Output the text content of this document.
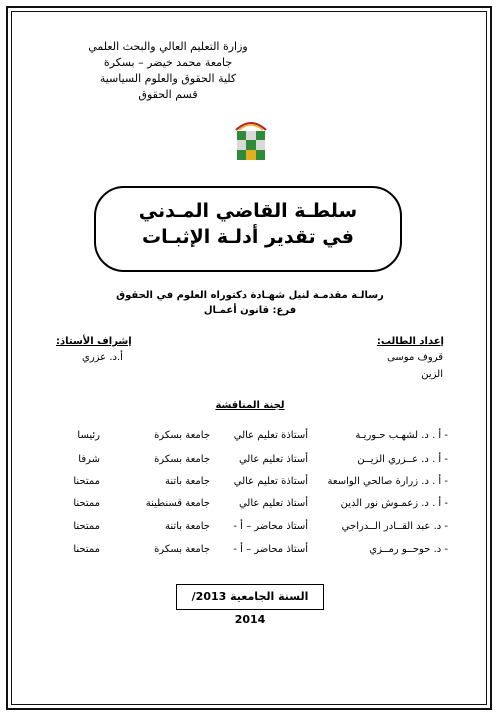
وزارة التعليم العالي والبحث العلمي
جامعة محمد خيضر – بسكرة
كلية الحقوق والعلوم السياسية
قسم الحقوق
سلطـة القاضي المـدني
في تقدير أدلـة الإثبـات
رسالـة مقدمـة لنيل شهـادة دكتوراه العلوم في الحقوق
فرع: قانون أعمـال
إعداد الطالب:
قروف موسى
الزين
إشراف الأستاذ:
أ.د. عزري
لجنة المناقشة
- أ . د. لشهـب حـوريـة
أستاذة تعليم عالي
جامعة بسكرة
رئيسا
- أ . د. عــزري الزيــن
أستاذ تعليم عالي
جامعة بسكرة
شرفا
- أ . د. زرارة صالحي الواسعة
أستاذة تعليم عالي
جامعة باتنة
ممتحنا
- أ . د. زعمـوش نور الدين
أستاذ تعليم عالي
جامعة قسنطينة
ممتحنا
- د. عبد القــادر الــدراجي
أستاذ محاضر – أ -
جامعة باتنة
ممتحنا
- د. حوحــو رمــزي
أستاذ محاضر – أ -
جامعة بسكرة
ممتحنا
السنة الجامعية 2013/ 2014
